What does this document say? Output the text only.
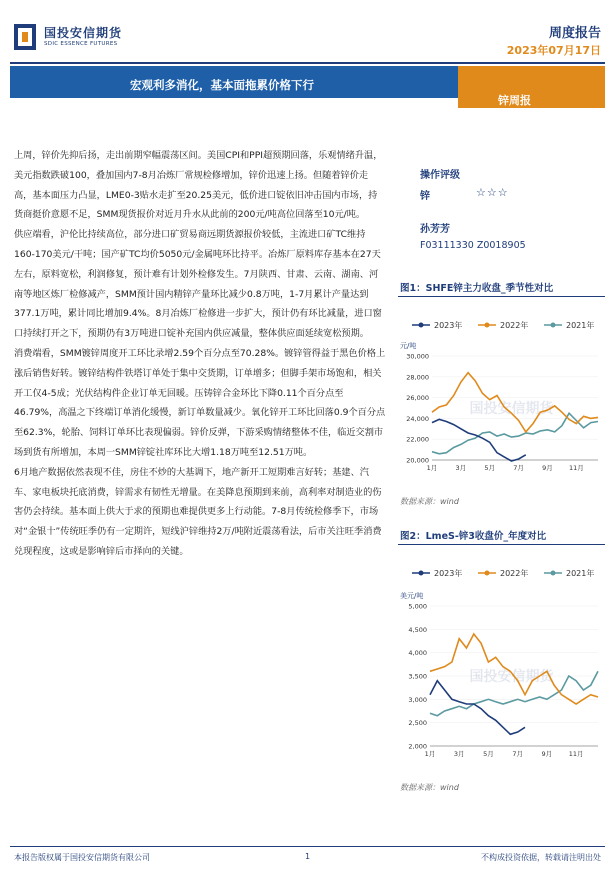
国投安信期货
SDIC ESSENCE FUTURES
周度报告
2023年07月17日
宏观利多消化，基本面拖累价格下行
锌周报

上周，锌价先抑后扬，走出前期窄幅震荡区间。美国CPI和PPI超预期回落，乐观情绪升温，美元指数跌破100，叠加国内7-8月冶炼厂常规检修增加，锌价迅速上扬。但随着锌价走高，基本面压力凸显，LME0-3贴水走扩至20.25美元，低价进口锭依旧冲击国内市场，持货商挺价意愿不足，SMM现货报价对近月升水从此前的200元/吨高位回落至10元/吨。

供应端看，沪伦比持续高位，部分进口矿贸易商远期货源报价较低，主流进口矿TC维持160-170美元/干吨；国产矿TC均价5050元/金属吨环比持平。冶炼厂原料库存基本在27天左右，原料宽松，利润修复，预计难有计划外检修发生。7月陕西、甘肃、云南、湖南、河南等地区炼厂检修减产，SMM预计国内精锌产量环比减少0.8万吨，1-7月累计产量达到377.1万吨，累计同比增加9.4%。8月冶炼厂检修进一步扩大，预计仍有环比减量，进口窗口持续打开之下，预期仍有3万吨进口锭补充国内供应减量，整体供应面延续宽松预期。

消费端看，SMM镀锌周度开工环比录增2.59个百分点至70.28%。镀锌管得益于黑色价格上涨后销售好转。镀锌结构件铁塔订单处于集中交货期，订单增多；但脚手架市场饱和，相关开工仅4-5成；光伏结构件企业订单无回暖。压铸锌合金环比下降0.11个百分点至46.79%，高温之下终端订单消化缓慢，新订单数量减少。氧化锌开工环比回落0.9个百分点至62.3%，轮胎、饲料订单环比表现偏弱。锌价反弹，下游采购情绪整体不佳，临近交割市场到货有所增加，本周一SMM锌锭社库环比大增1.18万吨至12.51万吨。

6月地产数据依然表现不佳，房住不炒的大基调下，地产新开工短期难言好转；基建、汽车、家电板块托底消费，锌需求有韧性无增量。在美降息预期到来前，高利率对制造业的伤害仍会持续。基本面上供大于求的预期也难提供更多上行动能。7-8月传统检修季下，市场对“金银十”传统旺季仍有一定期许，短线沪锌维持2万/吨附近震荡看法，后市关注旺季消费兑现程度，这或是影响锌后市择向的关键。

操作评级
锌	☆☆☆
孙芳芳
F03111330 Z0018905
图1：SHFE锌主力收盘_季节性对比
2023年	2022年	2021年
元/吨
20,000
22,000
24,000
26,000
28,000
30,000
1月	3月	5月	7月	9月 11月
国投安信期货
数据来源：wind
图2：LmeS-锌3收盘价_年度对比
2023年	2022年	2021年
美元/吨
2,000
2,500
3,000
3,500
4,000
4,500
5,000
1月	3月	5月	7月	9月	11月
国投安信期货
数据来源：wind
本报告版权属于国投安信期货有限公司	1	不构成投资依据，转载请注明出处
